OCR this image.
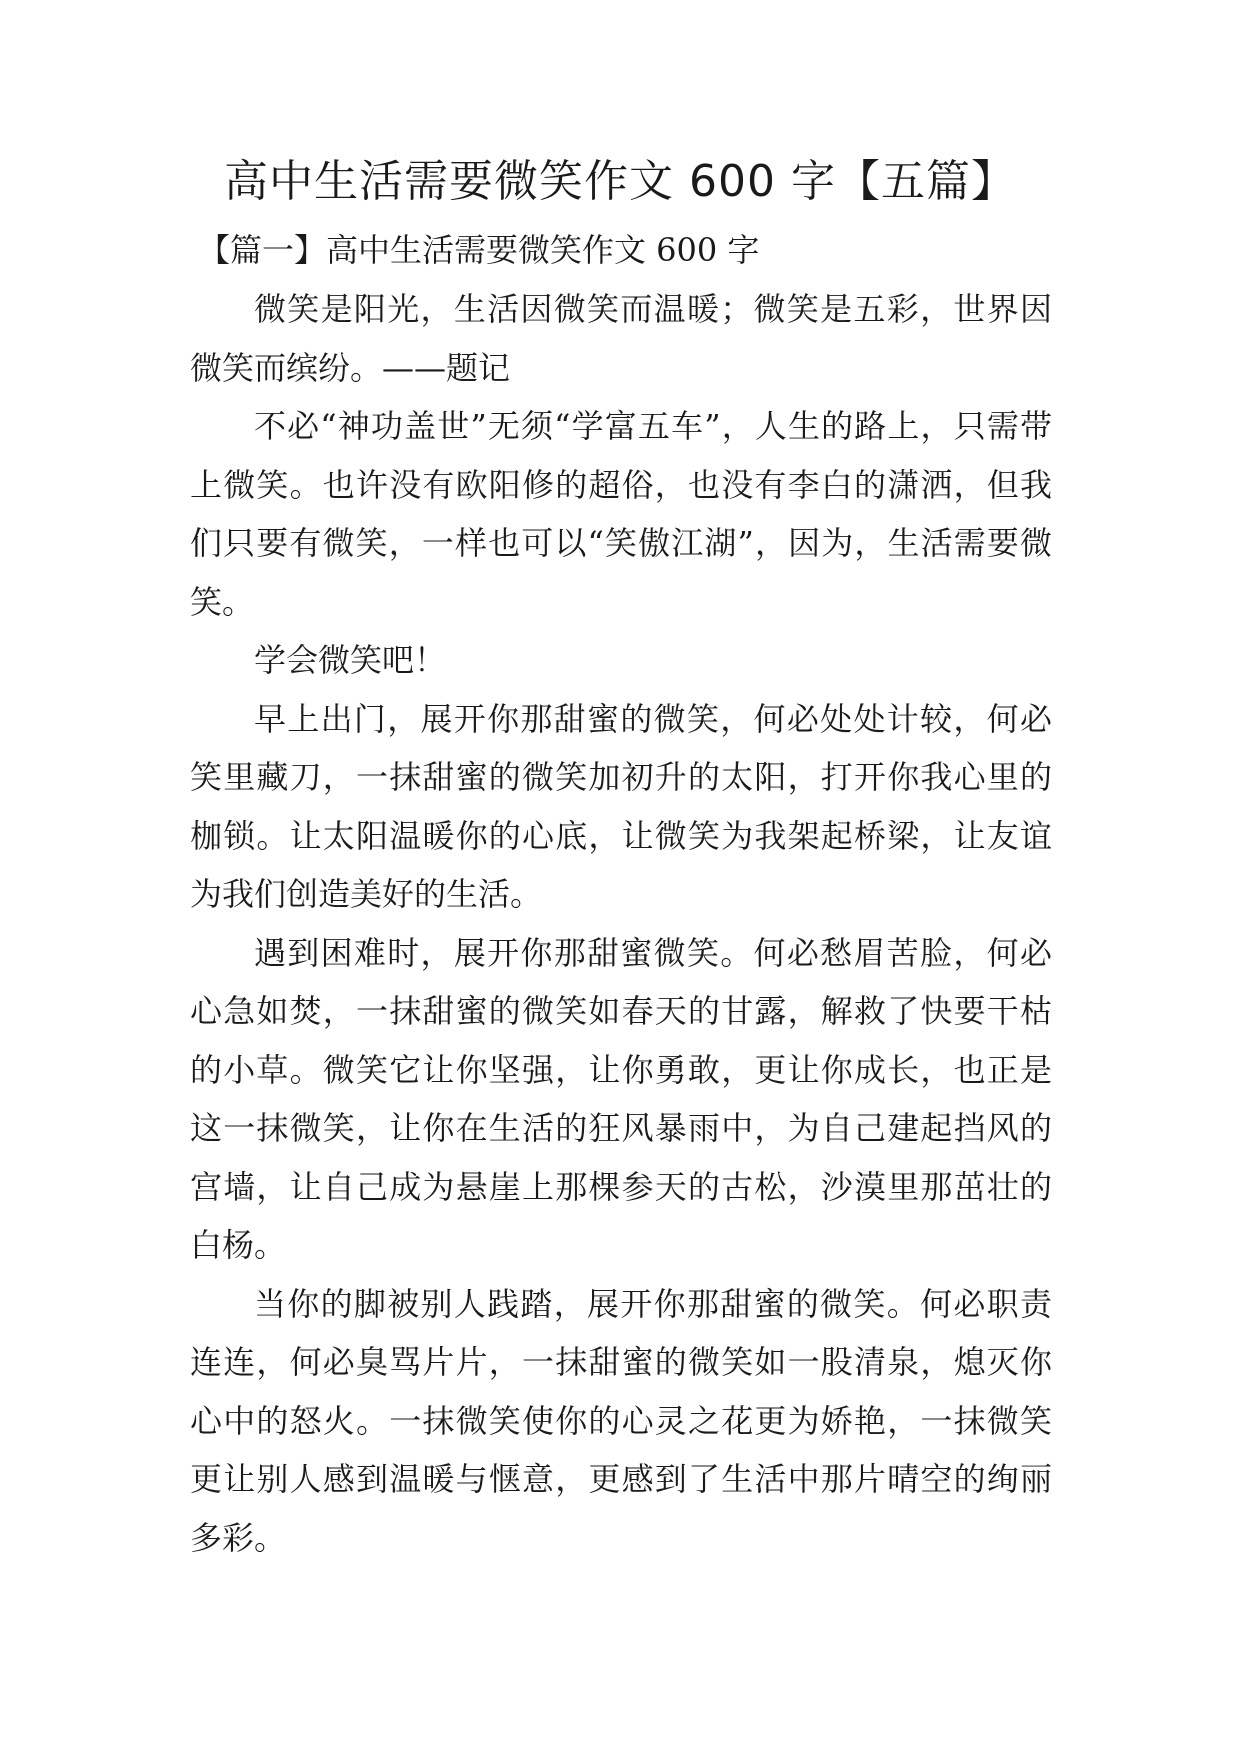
高中生活需要微笑作文 600 字【五篇】
【篇一】高中生活需要微笑作文 600 字

微笑是阳光，生活因微笑而温暖；微笑是五彩，世界因微笑而缤纷。——题记

不必“神功盖世”无须“学富五车”，人生的路上，只需带上微笑。也许没有欧阳修的超俗，也没有李白的潇洒，但我们只要有微笑，一样也可以“笑傲江湖”，因为，生活需要微笑。

学会微笑吧！

早上出门，展开你那甜蜜的微笑，何必处处计较，何必笑里藏刀，一抹甜蜜的微笑加初升的太阳，打开你我心里的枷锁。让太阳温暖你的心底，让微笑为我架起桥梁，让友谊为我们创造美好的生活。

遇到困难时，展开你那甜蜜微笑。何必愁眉苦脸，何必心急如焚，一抹甜蜜的微笑如春天的甘露，解救了快要干枯的小草。微笑它让你坚强，让你勇敢，更让你成长，也正是这一抹微笑，让你在生活的狂风暴雨中，为自己建起挡风的宫墙，让自己成为悬崖上那棵参天的古松，沙漠里那茁壮的白杨。

当你的脚被别人践踏，展开你那甜蜜的微笑。何必职责连连，何必臭骂片片，一抹甜蜜的微笑如一股清泉，熄灭你心中的怒火。一抹微笑使你的心灵之花更为娇艳，一抹微笑更让别人感到温暖与惬意，更感到了生活中那片晴空的绚丽多彩。
